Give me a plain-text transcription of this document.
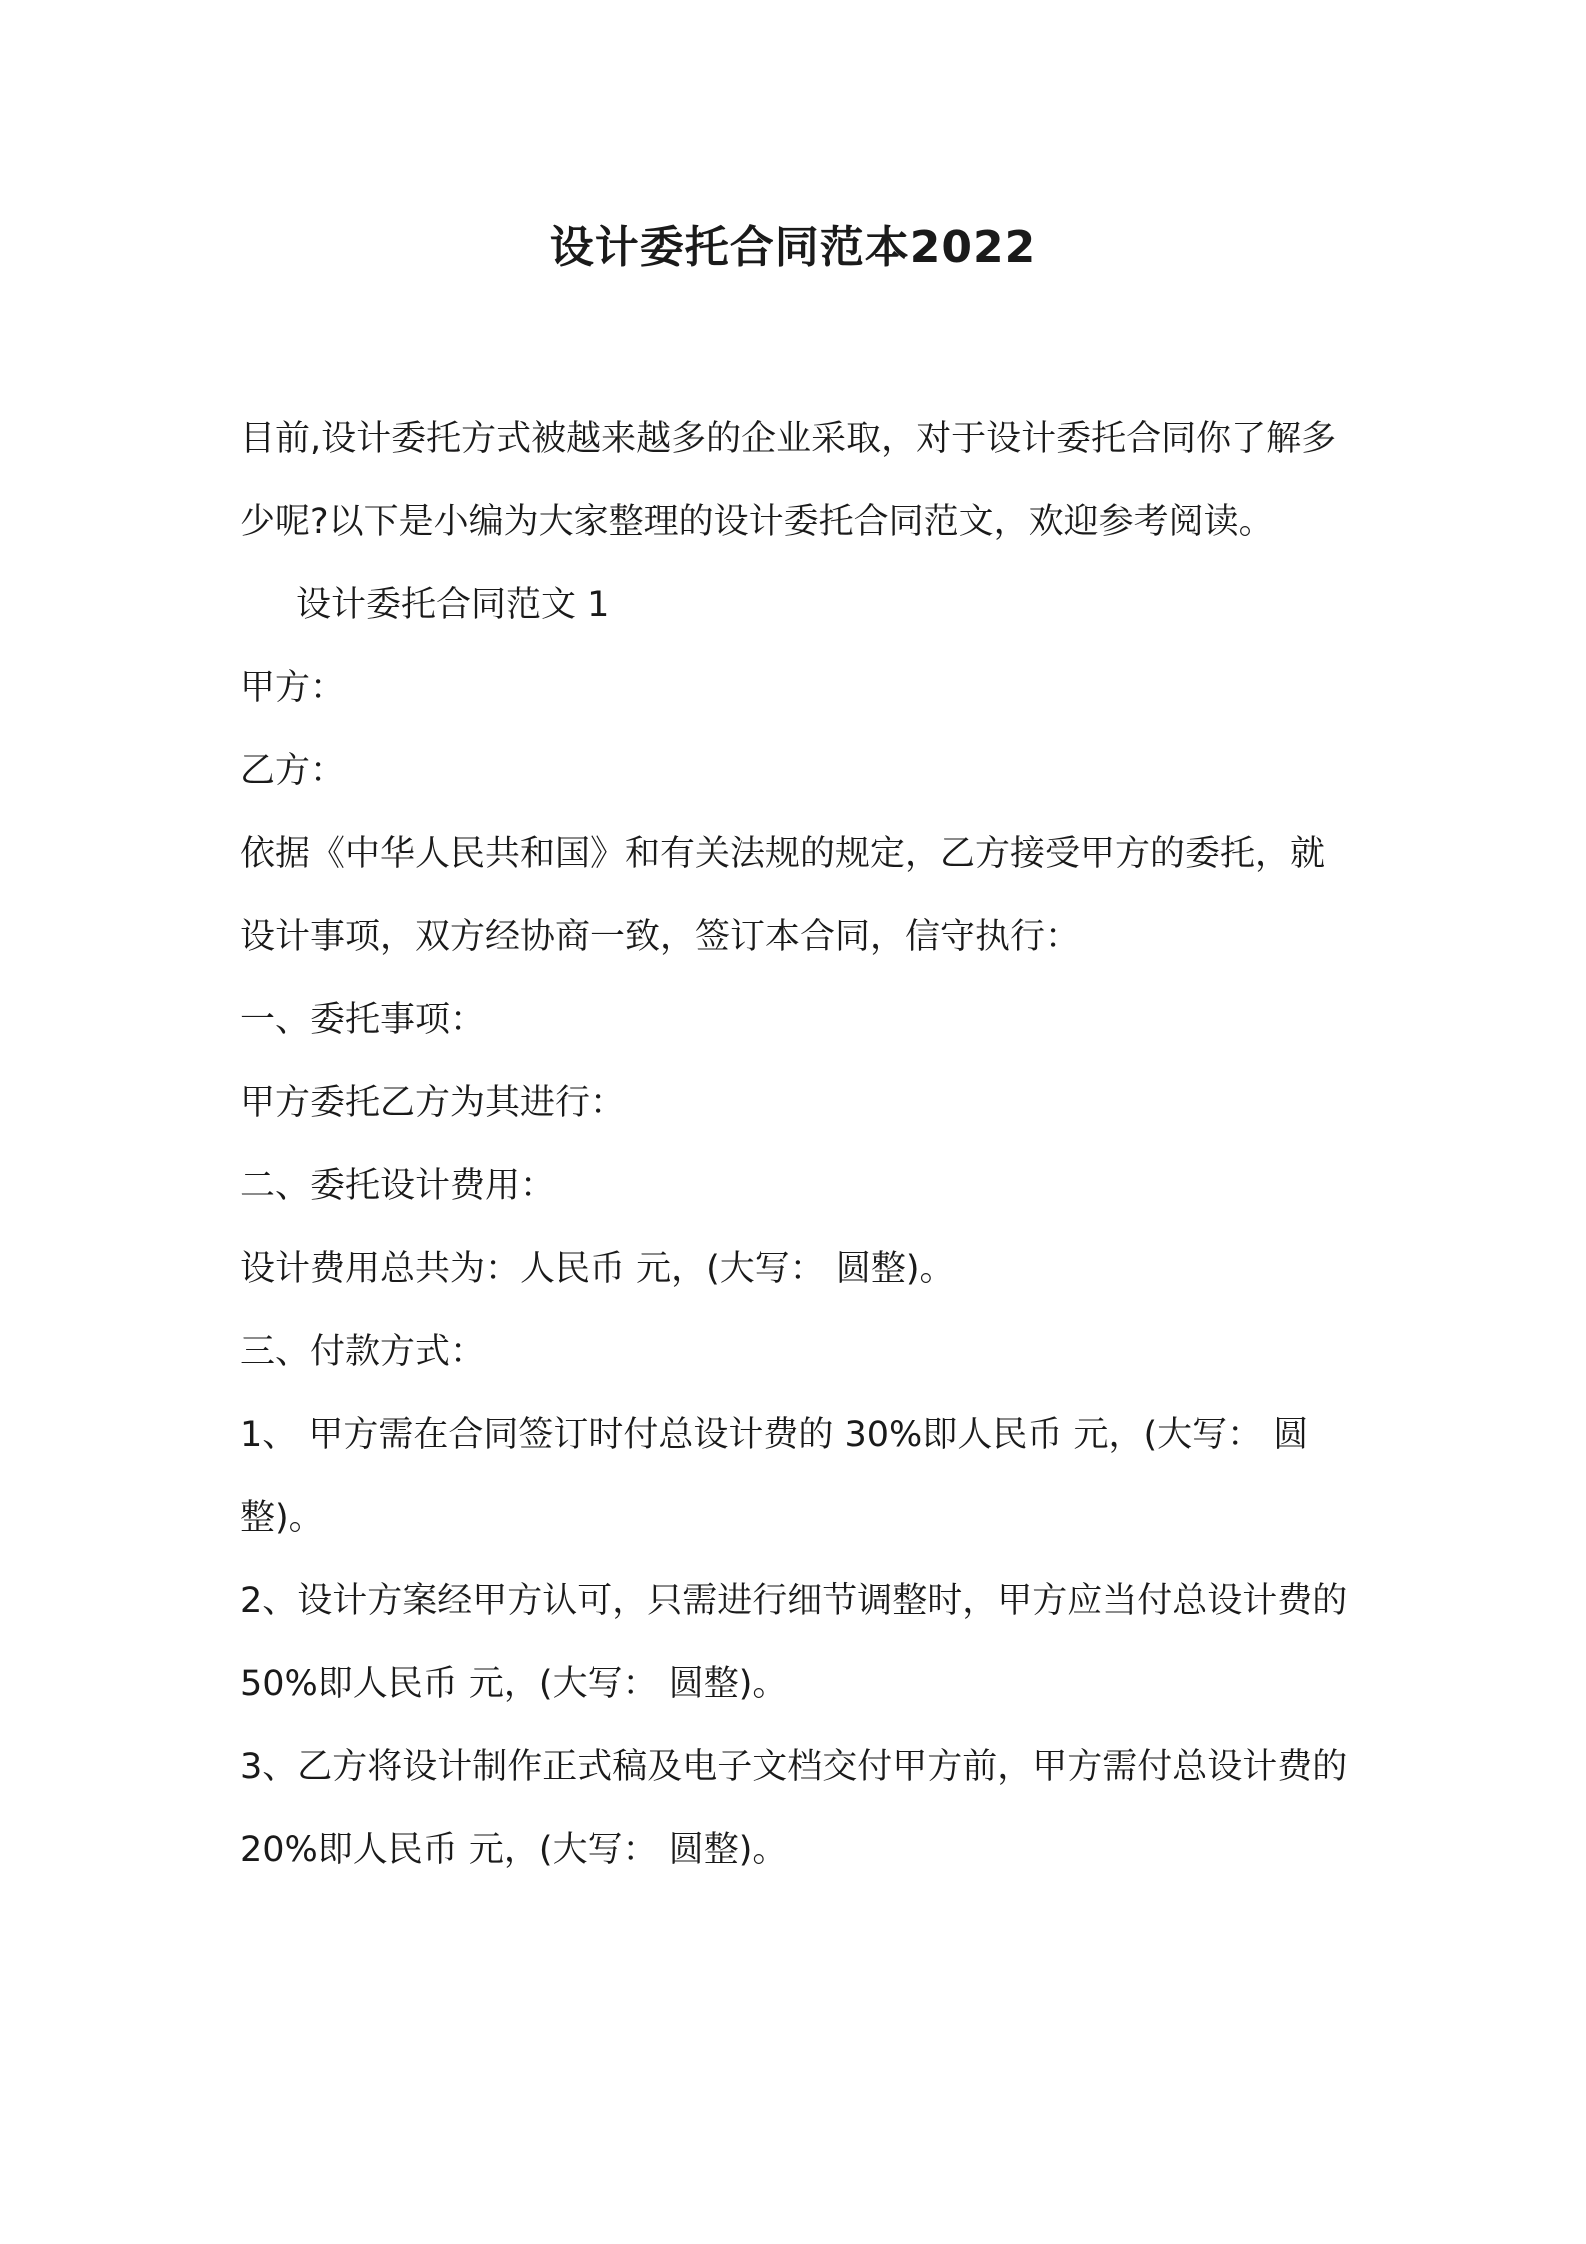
设计委托合同范本2022

目前,设计委托方式被越来越多的企业采取，对于设计委托合同你了解多少呢?以下是小编为大家整理的设计委托合同范文，欢迎参考阅读。

设计委托合同范文 1

甲方：

乙方：

依据《中华人民共和国》和有关法规的规定，乙方接受甲方的委托，就设计事项，双方经协商一致，签订本合同，信守执行：

一、委托事项：

甲方委托乙方为其进行：

二、委托设计费用：

设计费用总共为：人民币 元，(大写： 圆整)。

三、付款方式：

1、 甲方需在合同签订时付总设计费的 30%即人民币 元，(大写： 圆整)。

2、设计方案经甲方认可，只需进行细节调整时，甲方应当付总设计费的 50%即人民币 元，(大写： 圆整)。

3、乙方将设计制作正式稿及电子文档交付甲方前，甲方需付总设计费的 20%即人民币 元，(大写： 圆整)。
